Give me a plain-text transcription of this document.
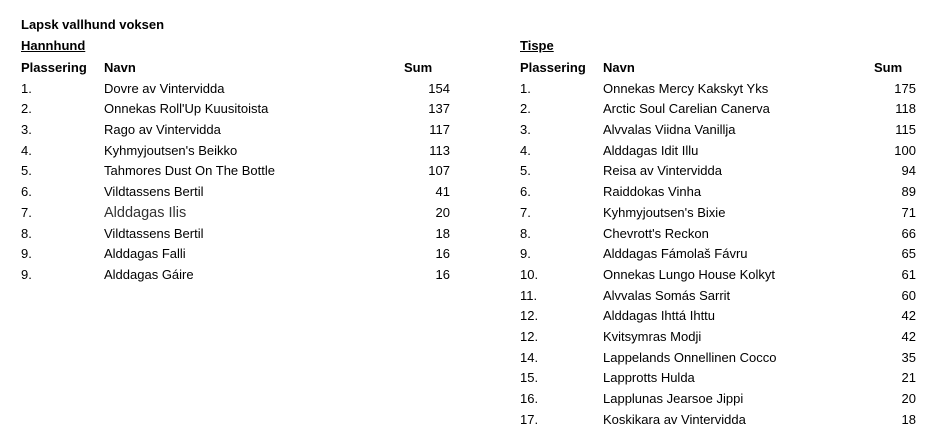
Lapsk vallhund voksen
Hannhund
Plassering Navn	Sum
1.	Dovre av Vintervidda	154
2.	Onnekas Roll'Up Kuusitoista	137
3.	Rago av Vintervidda	117
4.	Kyhmyjoutsen's Beikko	113
5.	Tahmores Dust On The Bottle	107
6.	Vildtassens Bertil	41
7.	Alddagas Ilis	20
8.	Vildtassens Bertil	18
9.	Alddagas Falli	16
9.	Alddagas Gáire	16
Tispe
Plassering Navn	Sum
1.	Onnekas Mercy Kakskyt Yks	175
2.	Arctic Soul Carelian Canerva	118
3.	Alvvalas Viidna Vanillja	115
4.	Alddagas Idit Illu	100
5.	Reisa av Vintervidda	94
6.	Raiddokas Vinha	89
7.	Kyhmyjoutsen's Bixie	71
8.	Chevrott's Reckon	66
9.	Alddagas Fámolaš Fávru	65
10.	Onnekas Lungo House Kolkyt	61
11.	Alvvalas Somás Sarrit	60
12.	Alddagas Ihttá Ihttu	42
12.	Kvitsymras Modji	42
14.	Lappelands Onnellinen Cocco	35
15.	Lapprotts Hulda	21
16.	Lapplunas Jearsoe Jippi	20
17.	Koskikara av Vintervidda	18
